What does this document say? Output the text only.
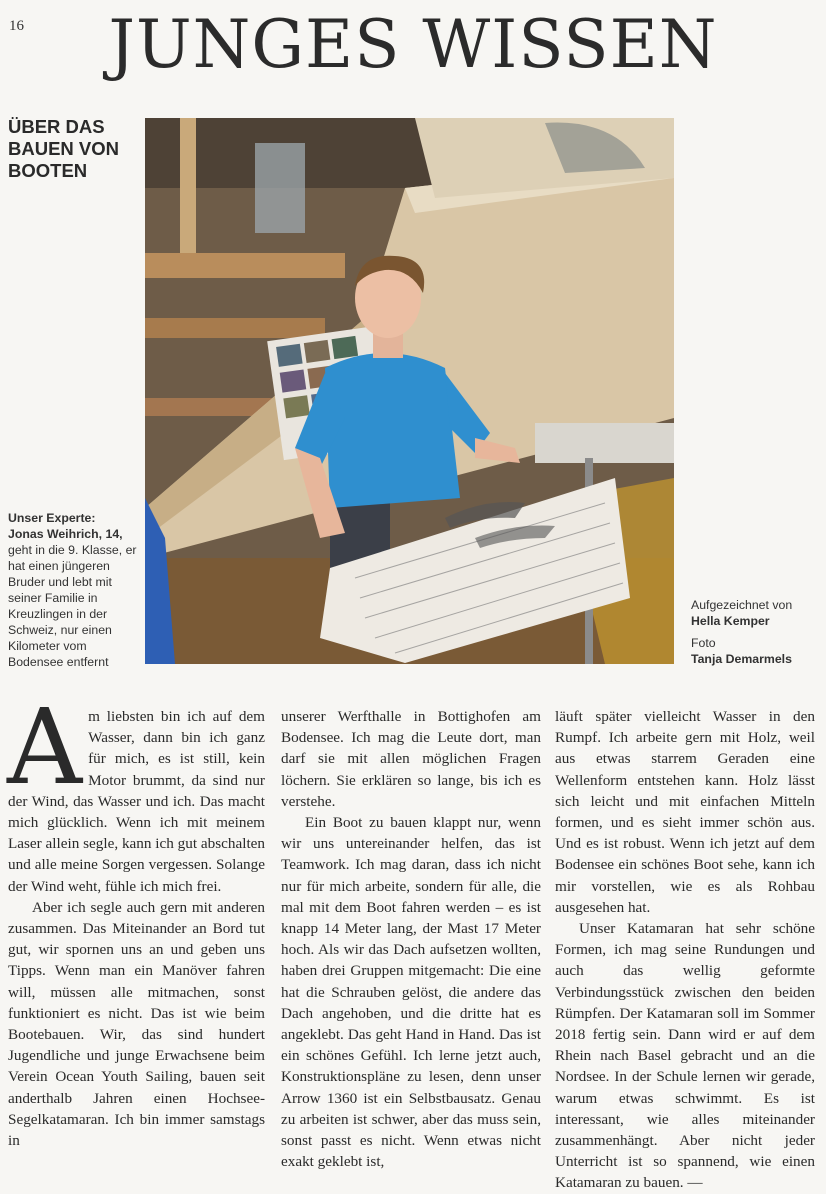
16	JUNGES WISSEN
ÜBER DAS
BAUEN VON
BOOTEN
Unser Experte:
Jonas Weihrich, 14,
geht in die 9. Klasse, er hat einen jüngeren Bruder und lebt mit seiner Familie in Kreuzlingen in der Schweiz, nur einen Kilometer vom Bodensee entfernt
Aufgezeichnet von
Hella Kemper
Foto
Tanja Demarmels

Am liebsten bin ich auf dem Wasser, dann bin ich ganz für mich, es ist still, kein Motor brummt, da sind nur der Wind, das Wasser und ich. Das macht mich glücklich. Wenn ich mit meinem Laser allein segle, kann ich gut abschalten und alle meine Sorgen vergessen. Solange der Wind weht, fühle ich mich frei.

Aber ich segle auch gern mit anderen zusammen. Das Miteinander an Bord tut gut, wir spornen uns an und geben uns Tipps. Wenn man ein Manöver fahren will, müssen alle mitmachen, sonst funktioniert es nicht. Das ist wie beim Bootebauen. Wir, das sind hundert Jugendliche und junge Erwachsene beim Verein Ocean Youth Sailing, bauen seit anderthalb Jahren einen Hochsee-Segelkatamaran. Ich bin immer samstags in

unserer Werfthalle in Bottighofen am Bodensee. Ich mag die Leute dort, man darf sie mit allen möglichen Fragen löchern. Sie erklären so lange, bis ich es verstehe.

Ein Boot zu bauen klappt nur, wenn wir uns untereinander helfen, das ist Teamwork. Ich mag daran, dass ich nicht nur für mich arbeite, sondern für alle, die mal mit dem Boot fahren werden – es ist knapp 14 Meter lang, der Mast 17 Meter hoch. Als wir das Dach aufsetzen wollten, haben drei Gruppen mitgemacht: Die eine hat die Schrauben gelöst, die andere das Dach angehoben, und die dritte hat es angeklebt. Das geht Hand in Hand. Das ist ein schönes Gefühl. Ich lerne jetzt auch, Konstruktionspläne zu lesen, denn unser Arrow 1360 ist ein Selbstbausatz. Genau zu arbeiten ist schwer, aber das muss sein, sonst passt es nicht. Wenn etwas nicht exakt geklebt ist,

läuft später vielleicht Wasser in den Rumpf. Ich arbeite gern mit Holz, weil aus etwas starrem Geraden eine Wellenform entstehen kann. Holz lässt sich leicht und mit einfachen Mitteln formen, und es sieht immer schön aus. Und es ist robust. Wenn ich jetzt auf dem Bodensee ein schönes Boot sehe, kann ich mir vorstellen, wie es als Rohbau ausgesehen hat.

Unser Katamaran hat sehr schöne Formen, ich mag seine Rundungen und auch das wellig geformte Verbindungsstück zwischen den beiden Rümpfen. Der Katamaran soll im Sommer 2018 fertig sein. Dann wird er auf dem Rhein nach Basel gebracht und an die Nordsee. In der Schule lernen wir gerade, warum etwas schwimmt. Es ist interessant, wie alles miteinander zusammenhängt. Aber nicht jeder Unterricht ist so spannend, wie einen Katamaran zu bauen. —
